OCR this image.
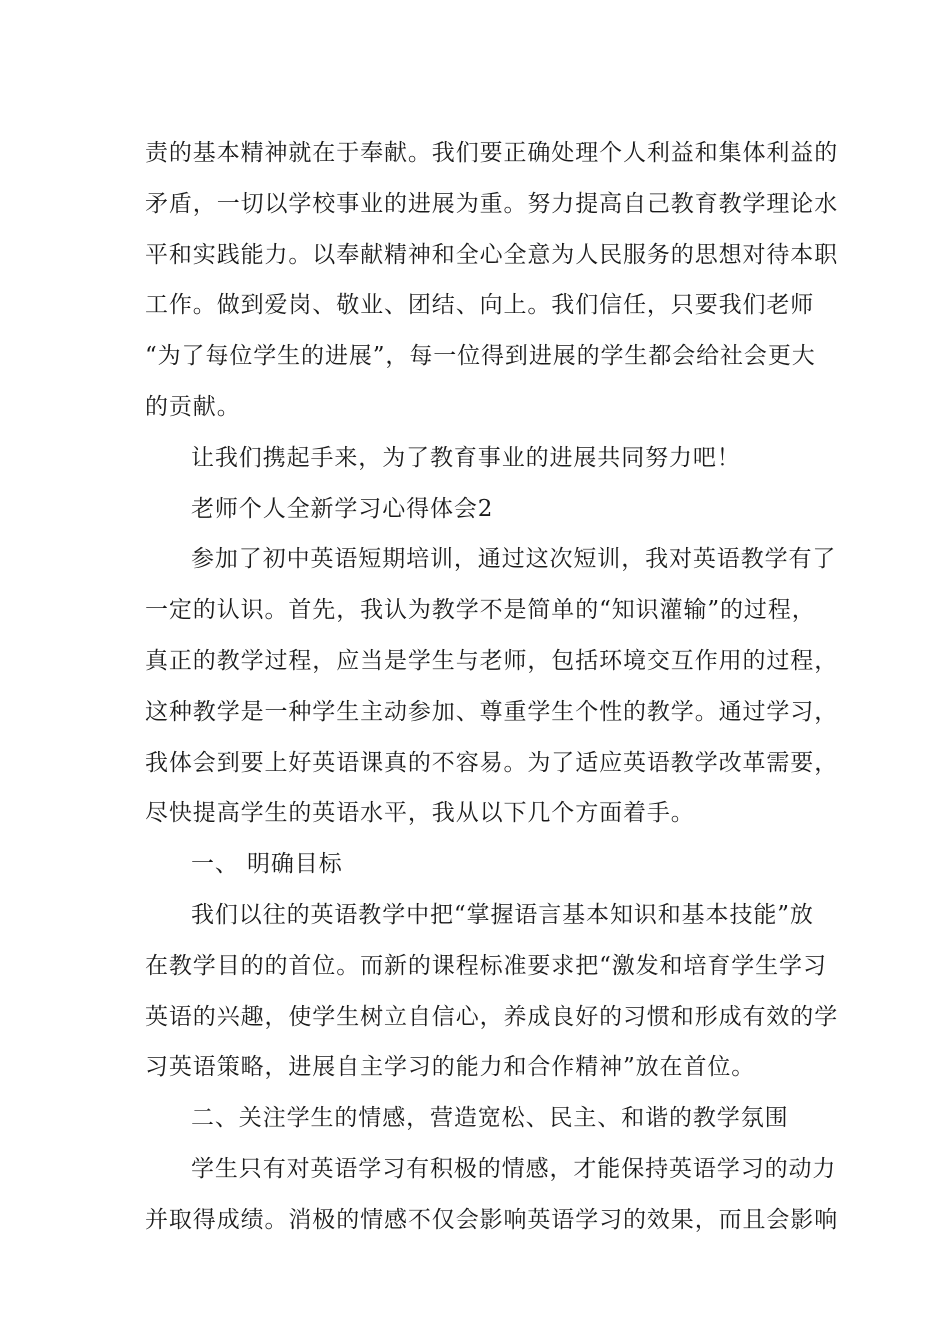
责的基本精神就在于奉献。我们要正确处理个人利益和集体利益的
矛盾，一切以学校事业的进展为重。努力提高自己教育教学理论水
平和实践能力。以奉献精神和全心全意为人民服务的思想对待本职
工作。做到爱岗、敬业、团结、向上。我们信任，只要我们老师
“为了每位学生的进展”，每一位得到进展的学生都会给社会更大
的贡献。
让我们携起手来，为了教育事业的进展共同努力吧！
老师个人全新学习心得体会2
参加了初中英语短期培训，通过这次短训，我对英语教学有了
一定的认识。首先，我认为教学不是简单的“知识灌输”的过程，
真正的教学过程，应当是学生与老师，包括环境交互作用的过程，
这种教学是一种学生主动参加、尊重学生个性的教学。通过学习，
我体会到要上好英语课真的不容易。为了适应英语教学改革需要，
尽快提高学生的英语水平，我从以下几个方面着手。
一、 明确目标
我们以往的英语教学中把“掌握语言基本知识和基本技能”放
在教学目的的首位。而新的课程标准要求把“激发和培育学生学习
英语的兴趣，使学生树立自信心，养成良好的习惯和形成有效的学
习英语策略，进展自主学习的能力和合作精神”放在首位。
二、关注学生的情感，营造宽松、民主、和谐的教学氛围
学生只有对英语学习有积极的情感，才能保持英语学习的动力
并取得成绩。消极的情感不仅会影响英语学习的效果，而且会影响
